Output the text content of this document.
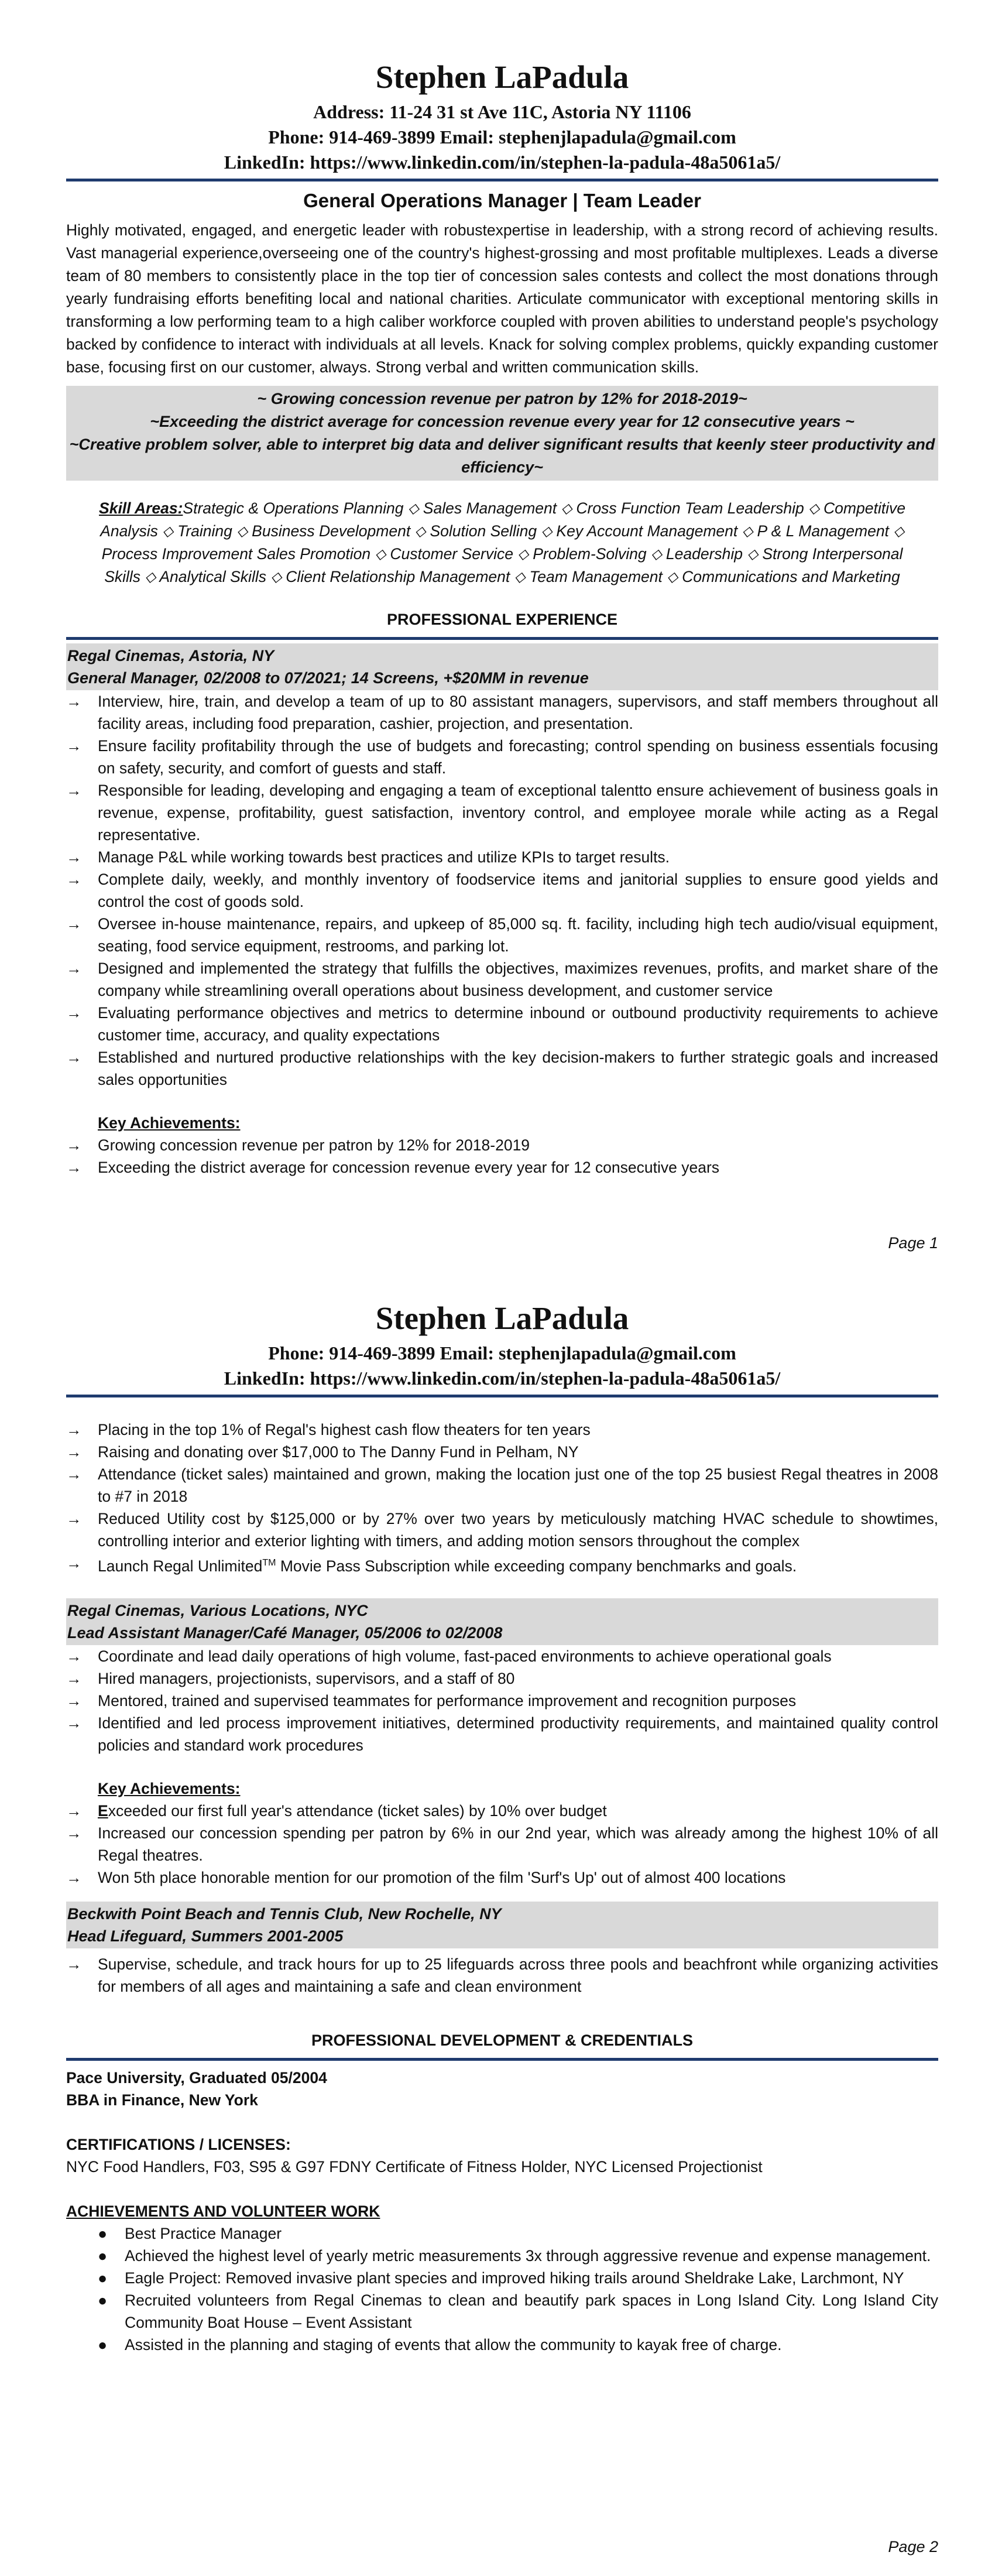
Stephen LaPadula
Address: 11-24 31 st Ave 11C, Astoria NY 11106
Phone: 914-469-3899 Email: stephenjlapadula@gmail.com
LinkedIn: https://www.linkedin.com/in/stephen-la-padula-48a5061a5/
General Operations Manager | Team Leader
Highly motivated, engaged, and energetic leader with robustexpertise in leadership, with a strong record of achieving results. Vast managerial experience,overseeing one of the country's highest-grossing and most profitable multiplexes. Leads a diverse team of 80 members to consistently place in the top tier of concession sales contests and collect the most donations through yearly fundraising efforts benefiting local and national charities. Articulate communicator with exceptional mentoring skills in transforming a low performing team to a high caliber workforce coupled with proven abilities to understand people's psychology backed by confidence to interact with individuals at all levels. Knack for solving complex problems, quickly expanding customer base, focusing first on our customer, always. Strong verbal and written communication skills.
~ Growing concession revenue per patron by 12% for 2018-2019~
~Exceeding the district average for concession revenue every year for 12 consecutive years ~
~Creative problem solver, able to interpret big data and deliver significant results that keenly steer productivity and efficiency~
Skill Areas:Strategic & Operations Planning ⬦ Sales Management ⬦ Cross Function Team Leadership ⬦ Competitive Analysis ⬦ Training ⬦ Business Development ⬦ Solution Selling ⬦ Key Account Management ⬦ P & L Management ⬦ Process Improvement Sales Promotion ⬦ Customer Service ⬦ Problem-Solving ⬦ Leadership ⬦ Strong Interpersonal Skills ⬦ Analytical Skills ⬦ Client Relationship Management ⬦ Team Management ⬦ Communications and Marketing
PROFESSIONAL EXPERIENCE
Regal Cinemas, Astoria, NY
General Manager, 02/2008 to 07/2021; 14 Screens, +$20MM in revenue
→ Interview, hire, train, and develop a team of up to 80 assistant managers, supervisors, and staff members throughout all facility areas, including food preparation, cashier, projection, and presentation.
→ Ensure facility profitability through the use of budgets and forecasting; control spending on business essentials focusing on safety, security, and comfort of guests and staff.
→ Responsible for leading, developing and engaging a team of exceptional talentto ensure achievement of business goals in revenue, expense, profitability, guest satisfaction, inventory control, and employee morale while acting as a Regal representative.
→ Manage P&L while working towards best practices and utilize KPIs to target results.
→ Complete daily, weekly, and monthly inventory of foodservice items and janitorial supplies to ensure good yields and control the cost of goods sold.
→ Oversee in-house maintenance, repairs, and upkeep of 85,000 sq. ft. facility, including high tech audio/visual equipment, seating, food service equipment, restrooms, and parking lot.
→ Designed and implemented the strategy that fulfills the objectives, maximizes revenues, profits, and market share of the company while streamlining overall operations about business development, and customer service
→ Evaluating performance objectives and metrics to determine inbound or outbound productivity requirements to achieve customer time, accuracy, and quality expectations
→ Established and nurtured productive relationships with the key decision-makers to further strategic goals and increased sales opportunities
Key Achievements:
→ Growing concession revenue per patron by 12% for 2018-2019
→ Exceeding the district average for concession revenue every year for 12 consecutive years
Page 1
Stephen LaPadula
Phone: 914-469-3899 Email: stephenjlapadula@gmail.com
LinkedIn: https://www.linkedin.com/in/stephen-la-padula-48a5061a5/
→ Placing in the top 1% of Regal's highest cash flow theaters for ten years
→ Raising and donating over $17,000 to The Danny Fund in Pelham, NY
→ Attendance (ticket sales) maintained and grown, making the location just one of the top 25 busiest Regal theatres in 2008 to #7 in 2018
→ Reduced Utility cost by $125,000 or by 27% over two years by meticulously matching HVAC schedule to showtimes, controlling interior and exterior lighting with timers, and adding motion sensors throughout the complex
→ Launch Regal Unlimited™ Movie Pass Subscription while exceeding company benchmarks and goals.
Regal Cinemas, Various Locations, NYC
Lead Assistant Manager/Café Manager, 05/2006 to 02/2008
→ Coordinate and lead daily operations of high volume, fast-paced environments to achieve operational goals
→ Hired managers, projectionists, supervisors, and a staff of 80
→ Mentored, trained and supervised teammates for performance improvement and recognition purposes
→ Identified and led process improvement initiatives, determined productivity requirements, and maintained quality control policies and standard work procedures
Key Achievements:
→ Exceeded our first full year's attendance (ticket sales) by 10% over budget
→ Increased our concession spending per patron by 6% in our 2nd year, which was already among the highest 10% of all Regal theatres.
→ Won 5th place honorable mention for our promotion of the film 'Surf's Up' out of almost 400 locations
Beckwith Point Beach and Tennis Club, New Rochelle, NY
Head Lifeguard, Summers 2001-2005
→ Supervise, schedule, and track hours for up to 25 lifeguards across three pools and beachfront while organizing activities for members of all ages and maintaining a safe and clean environment
PROFESSIONAL DEVELOPMENT & CREDENTIALS
Pace University, Graduated 05/2004
BBA in Finance, New York
CERTIFICATIONS / LICENSES:
NYC Food Handlers, F03, S95 & G97 FDNY Certificate of Fitness Holder, NYC Licensed Projectionist
ACHIEVEMENTS AND VOLUNTEER WORK
● Best Practice Manager
● Achieved the highest level of yearly metric measurements 3x through aggressive revenue and expense management.
● Eagle Project: Removed invasive plant species and improved hiking trails around Sheldrake Lake, Larchmont, NY
● Recruited volunteers from Regal Cinemas to clean and beautify park spaces in Long Island City. Long Island City Community Boat House – Event Assistant
● Assisted in the planning and staging of events that allow the community to kayak free of charge.
Page 2
